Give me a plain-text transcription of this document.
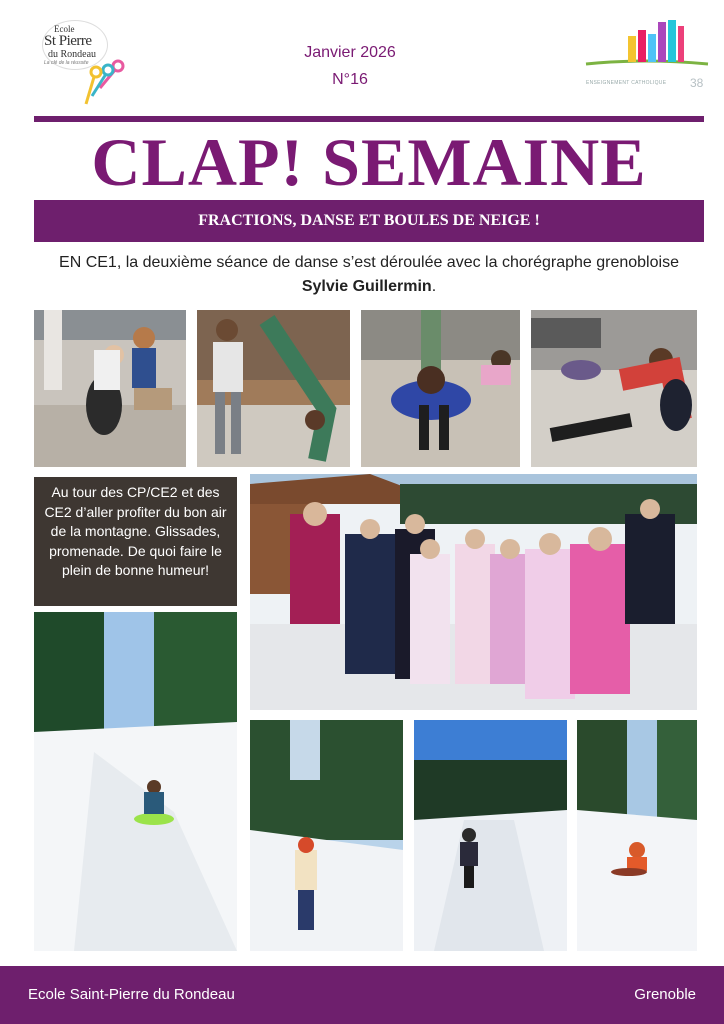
Ecole
St Pierre
du Rondeau
La clé de la réussite
Janvier 2026
N°16	ENSEIGNEMENT CATHOLIQUE 38
CLAP! SEMAINE
FRACTIONS, DANSE ET BOULES DE NEIGE !

EN CE1, la deuxième séance de danse s’est déroulée avec la chorégraphe grenobloise Sylvie Guillermin.

Au tour des CP/CE2 et des CE2 d’aller profiter du bon air de la montagne. Glissades, promenade. De quoi faire le plein de bonne humeur!
Ecole Saint-Pierre du Rondeau	Grenoble
